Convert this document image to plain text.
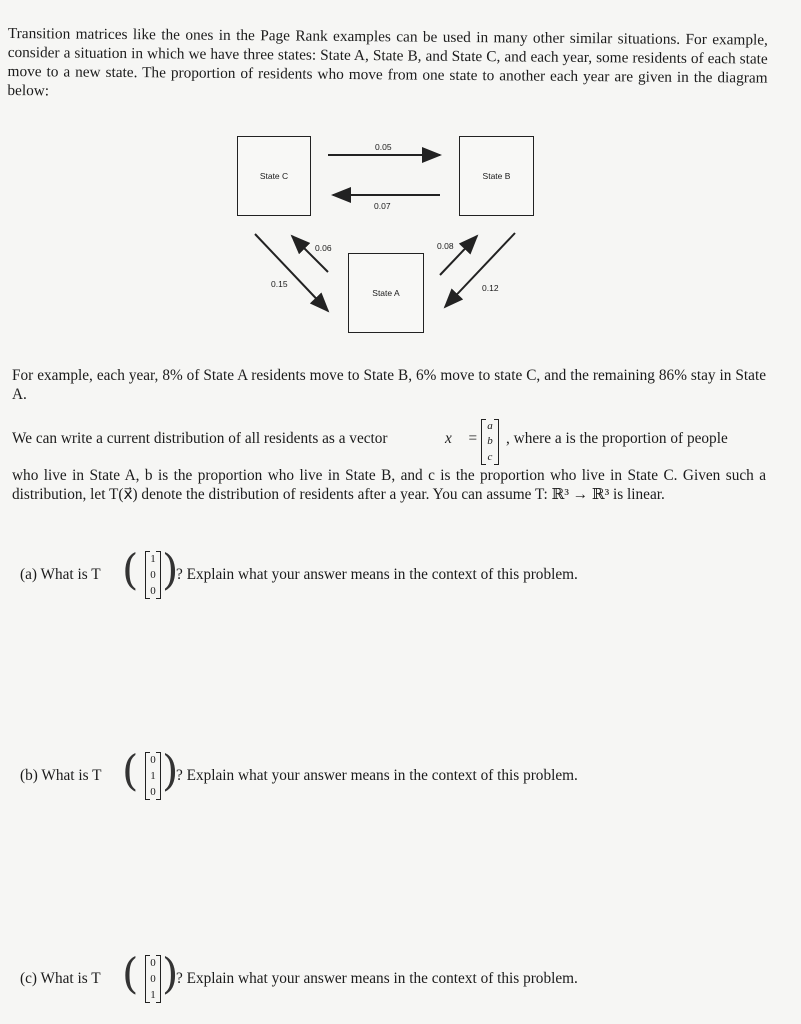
Transition matrices like the ones in the Page Rank examples can be used in many other similar situations. For example, consider a situation in which we have three states: State A, State B, and State C, and each year, some residents of each state move to a new state. The proportion of residents who move from one state to another each year are given in the diagram below:
State C	State B
State A
0.05
0.07
0.06
0.15
0.08
0.12
For example, each year, 8% of State A residents move to State B, 6% move to state C, and the remaining 86% stay in State A.
We can write a current distribution of all residents as a vector	x⃗ =
a
b
c
, where a is the proportion of people
who live in State A, b is the proportion who live in State B, and c is the proportion who live in State C. Given such a distribution, let T(x⃗) denote the distribution of residents after a year. You can assume T: ℝ³ → ℝ³ is linear.
(a) What is T ( 1
0
0 )
? Explain what your answer means in the context of this problem.
(b) What is T ( 0
1
0 )
? Explain what your answer means in the context of this problem.
(c) What is T ( 0
0
1 )
? Explain what your answer means in the context of this problem.
